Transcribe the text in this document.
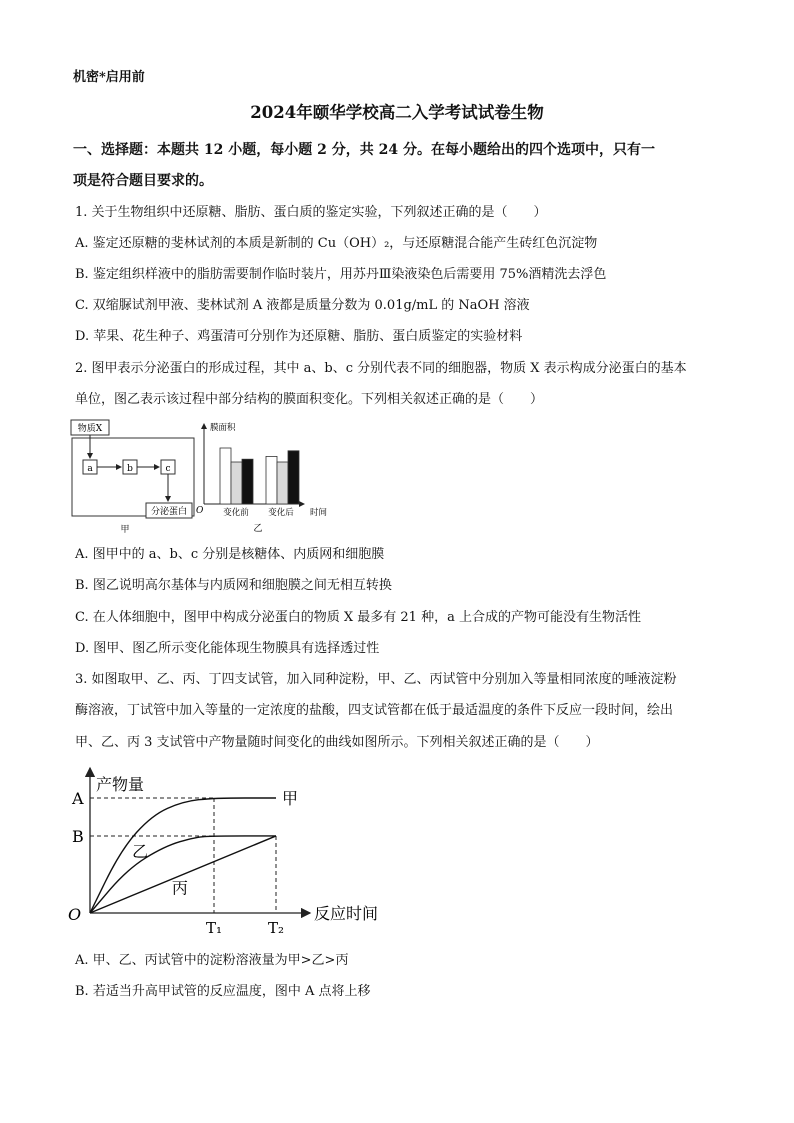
机密*启用前
2024年颐华学校高二入学考试试卷生物
一、选择题：本题共 12 小题，每小题 2 分，共 24 分。在每小题给出的四个选项中，只有一
项是符合题目要求的。
1. 关于生物组织中还原糖、脂肪、蛋白质的鉴定实验，下列叙述正确的是（　　）
A. 鉴定还原糖的斐林试剂的本质是新制的 Cu（OH）₂，与还原糖混合能产生砖红色沉淀物
B. 鉴定组织样液中的脂肪需要制作临时装片，用苏丹Ⅲ染液染色后需要用 75%酒精洗去浮色
C. 双缩脲试剂甲液、斐林试剂 A 液都是质量分数为 0.01g/mL 的 NaOH 溶液
D. 苹果、花生种子、鸡蛋清可分别作为还原糖、脂肪、蛋白质鉴定的实验材料
2. 图甲表示分泌蛋白的形成过程，其中 a、b、c 分别代表不同的细胞器，物质 X 表示构成分泌蛋白的基本
单位，图乙表示该过程中部分结构的膜面积变化。下列相关叙述正确的是（　　）
物质X
a	b	c
分泌蛋白
甲
膜面积
O 变化前 变化后 时间
乙
A. 图甲中的 a、b、c 分别是核糖体、内质网和细胞膜
B. 图乙说明高尔基体与内质网和细胞膜之间无相互转换
C. 在人体细胞中，图甲中构成分泌蛋白的物质 X 最多有 21 种，a 上合成的产物可能没有生物活性
D. 图甲、图乙所示变化能体现生物膜具有选择透过性
3. 如图取甲、乙、丙、丁四支试管，加入同种淀粉，甲、乙、丙试管中分别加入等量相同浓度的唾液淀粉
酶溶液，丁试管中加入等量的一定浓度的盐酸，四支试管都在低于最适温度的条件下反应一段时间，绘出
甲、乙、丙 3 支试管中产物量随时间变化的曲线如图所示。下列相关叙述正确的是（　　）
产物量
反应时间
O
A
B
T₁	T₂
甲
乙
丙
A. 甲、乙、丙试管中的淀粉溶液量为甲>乙>丙
B. 若适当升高甲试管的反应温度，图中 A 点将上移
